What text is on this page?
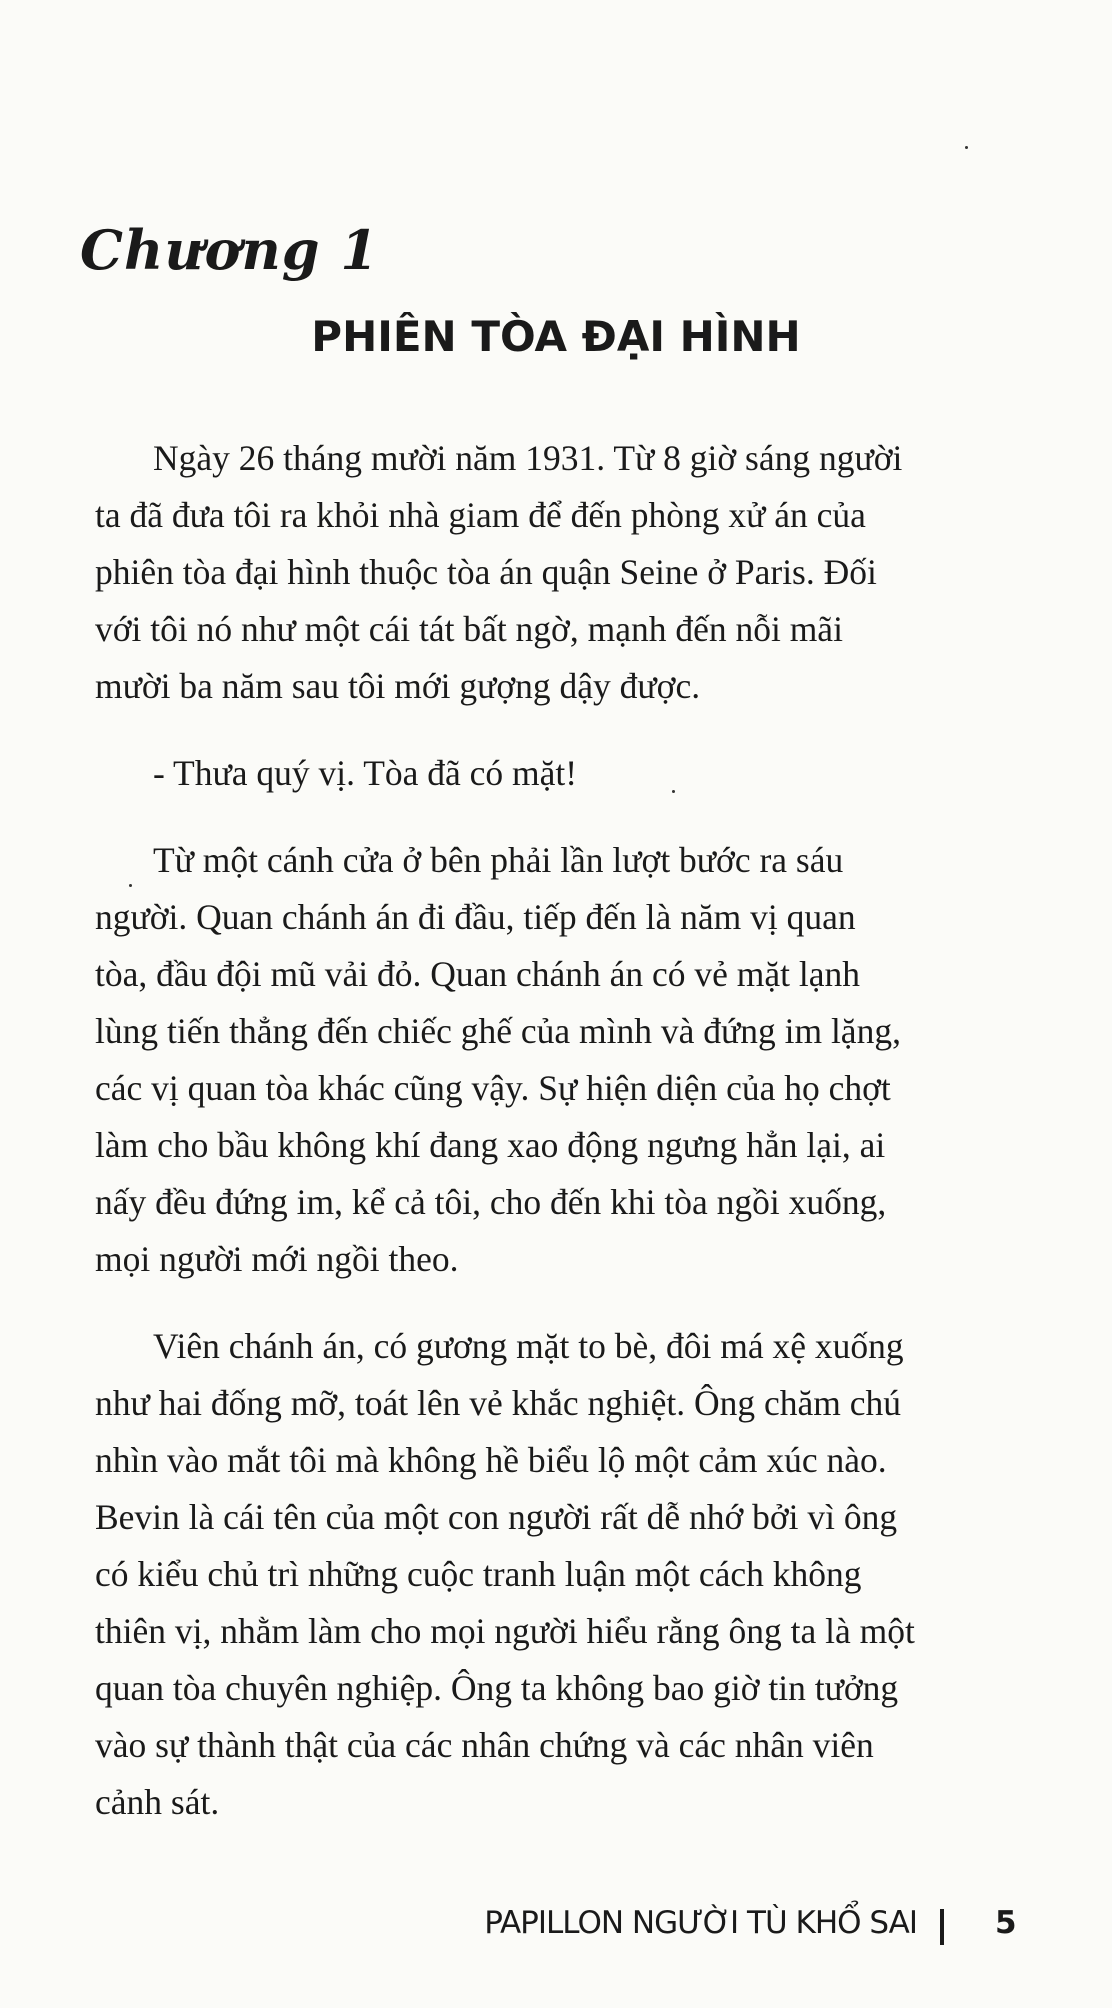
Chương 1
PHIÊN TÒA ĐẠI HÌNH

Ngày 26 tháng mười năm 1931. Từ 8 giờ sáng người
ta đã đưa tôi ra khỏi nhà giam để đến phòng xử án của
phiên tòa đại hình thuộc tòa án quận Seine ở Paris. Đối
với tôi nó như một cái tát bất ngờ, mạnh đến nỗi mãi
mười ba năm sau tôi mới gượng dậy được.

- Thưa quý vị. Tòa đã có mặt!

Từ một cánh cửa ở bên phải lần lượt bước ra sáu
người. Quan chánh án đi đầu, tiếp đến là năm vị quan
tòa, đầu đội mũ vải đỏ. Quan chánh án có vẻ mặt lạnh
lùng tiến thẳng đến chiếc ghế của mình và đứng im lặng,
các vị quan tòa khác cũng vậy. Sự hiện diện của họ chợt
làm cho bầu không khí đang xao động ngưng hẳn lại, ai
nấy đều đứng im, kể cả tôi, cho đến khi tòa ngồi xuống,
mọi người mới ngồi theo.

Viên chánh án, có gương mặt to bè, đôi má xệ xuống
như hai đống mỡ, toát lên vẻ khắc nghiệt. Ông chăm chú
nhìn vào mắt tôi mà không hề biểu lộ một cảm xúc nào.
Bevin là cái tên của một con người rất dễ nhớ bởi vì ông
có kiểu chủ trì những cuộc tranh luận một cách không
thiên vị, nhằm làm cho mọi người hiểu rằng ông ta là một
quan tòa chuyên nghiệp. Ông ta không bao giờ tin tưởng
vào sự thành thật của các nhân chứng và các nhân viên
cảnh sát.

PAPILLON NGƯỜI TÙ KHỔ SAI	5
